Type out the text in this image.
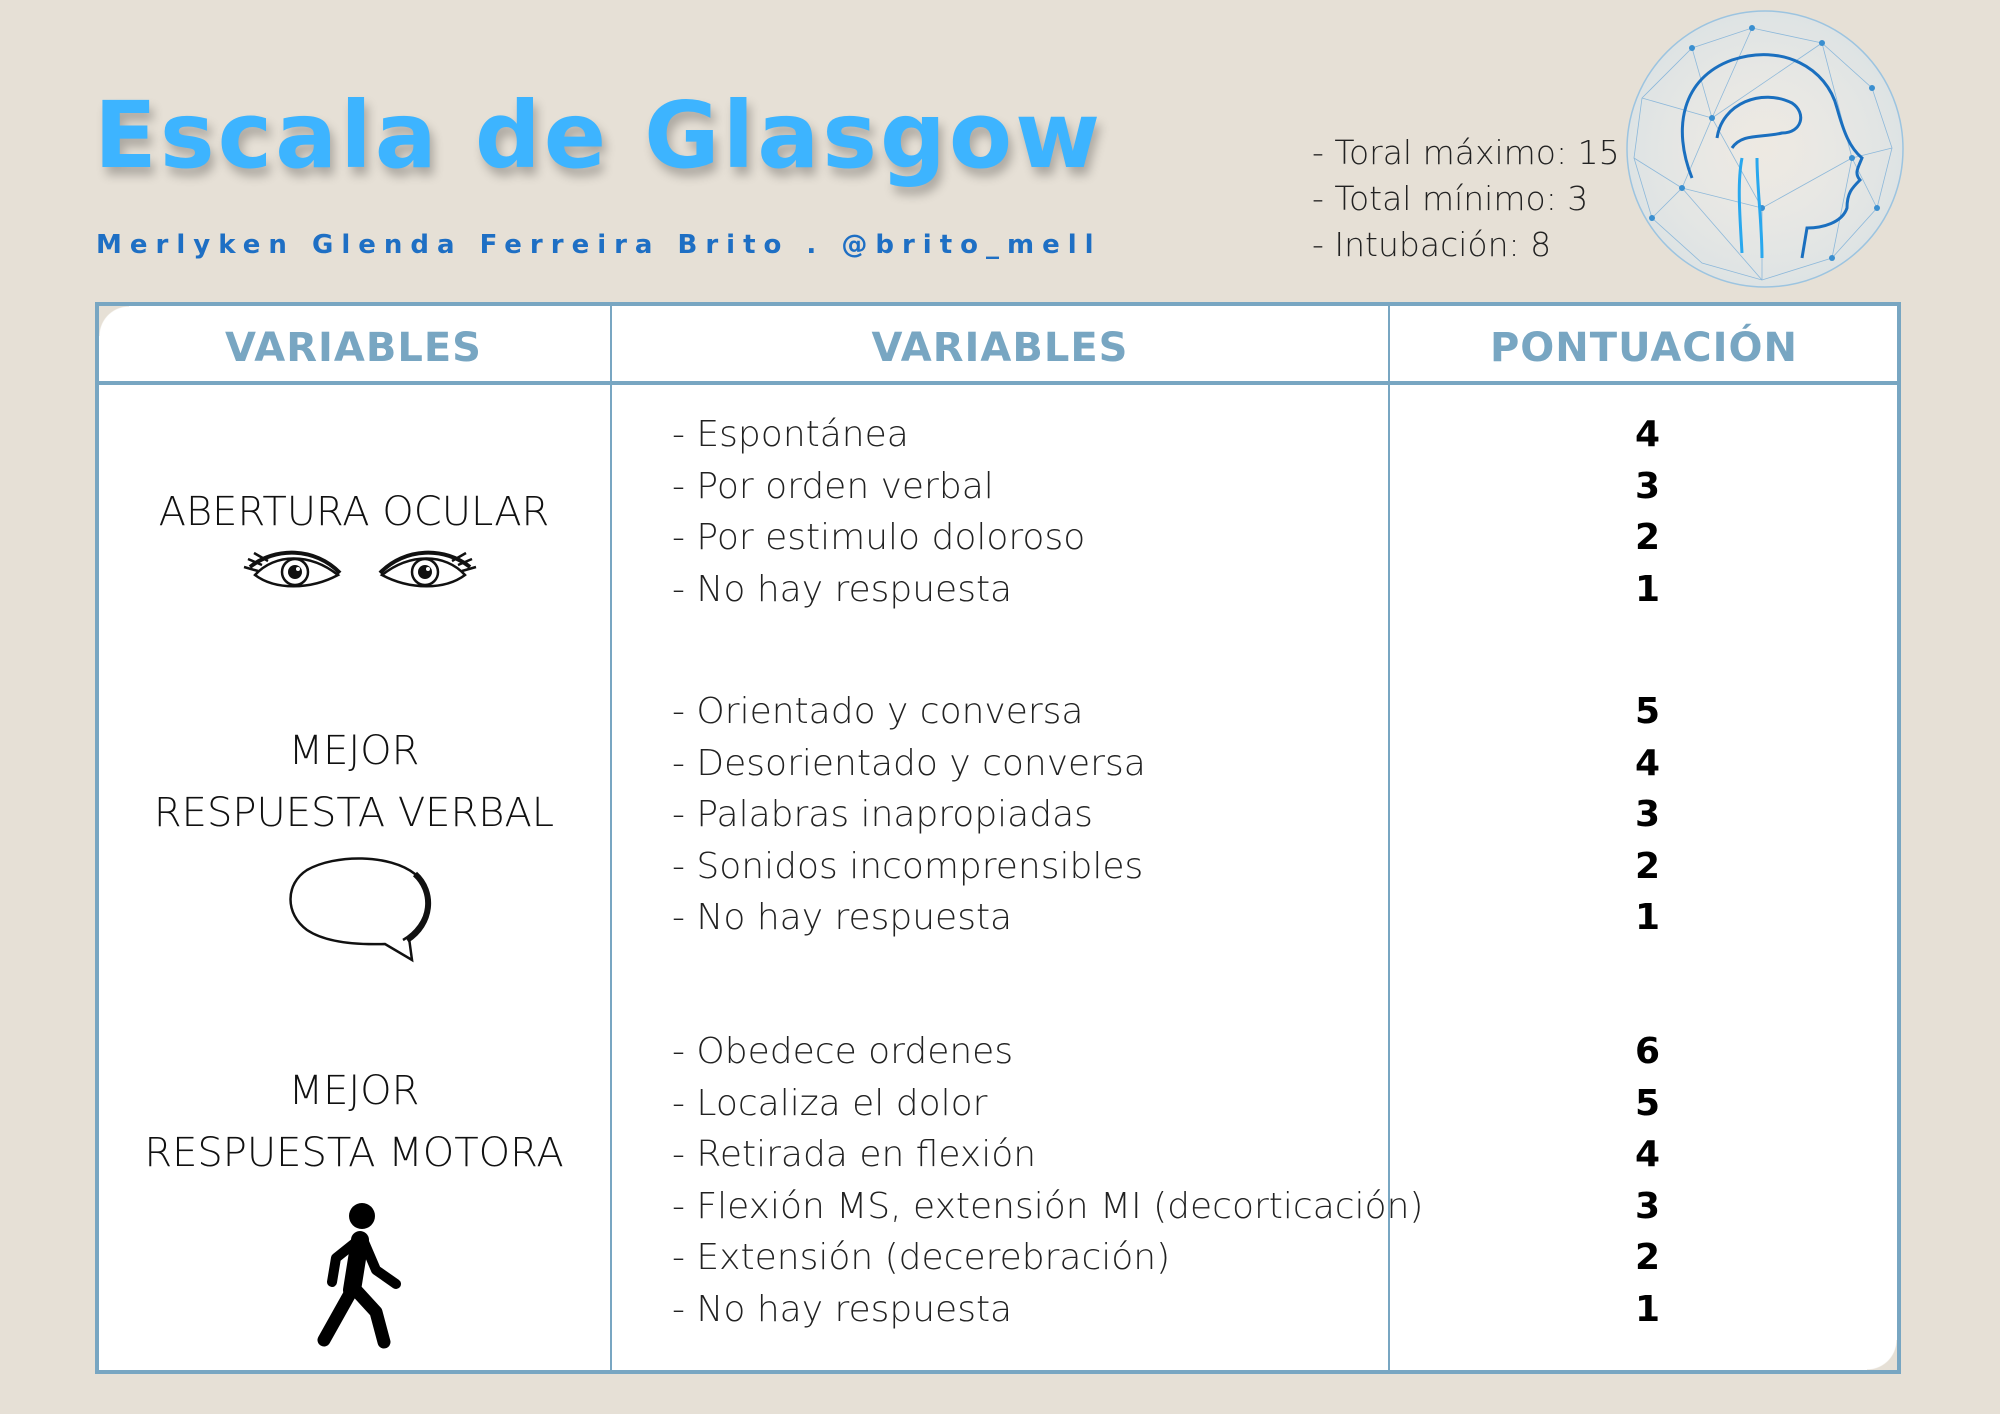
Escala de Glasgow
Merlyken Glenda Ferreira Brito . @brito_mell
- Toral máximo: 15
- Total mínimo: 3
- Intubación: 8
VARIABLES	VARIABLES	PONTUACIÓN
ABERTURA OCULAR
- Espontánea
- Por orden verbal
- Por estimulo doloroso
- No hay respuesta
4
3
2
1
MEJOR
RESPUESTA VERBAL
- Orientado y conversa
- Desorientado y conversa
- Palabras inapropiadas
- Sonidos incomprensibles
- No hay respuesta
5
4
3
2
1
MEJOR
RESPUESTA MOTORA
- Obedece ordenes
- Localiza el dolor
- Retirada en flexión
- Flexión MS, extensión MI (decorticación)
- Extensión (decerebración)
- No hay respuesta
6
5
4
3
2
1
